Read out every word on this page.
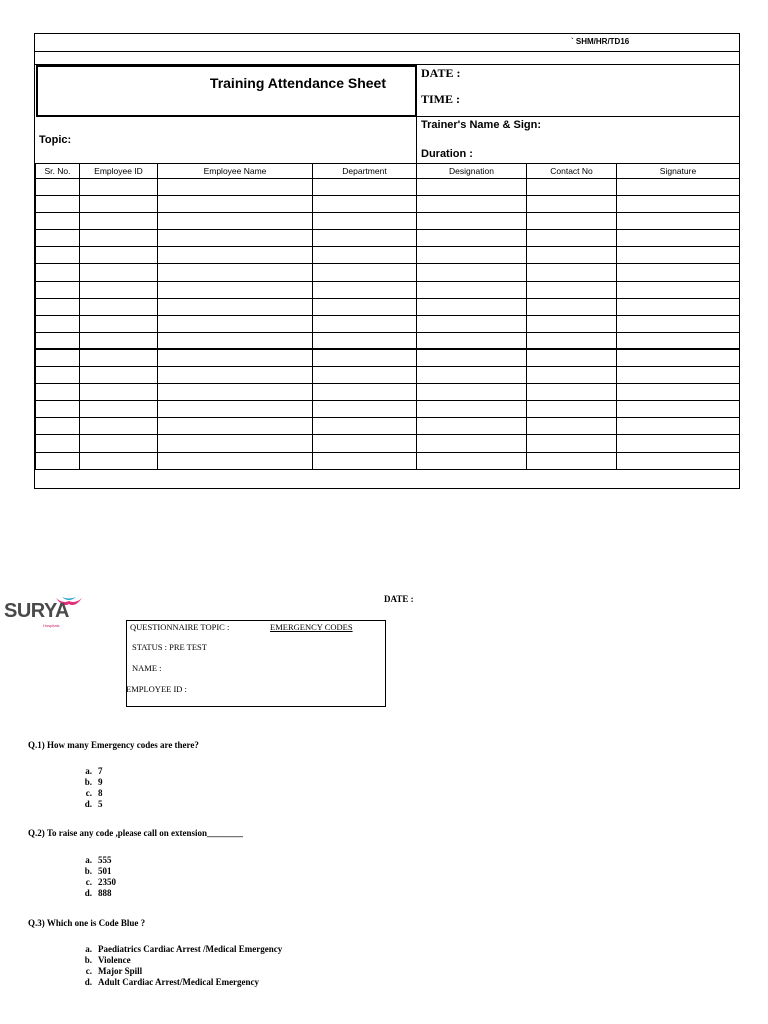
` SHM/HR/TD16
Training Attendance Sheet
DATE :
TIME :
Topic:
Trainer's Name & Sign:
Duration :
Sr. No.	Employee ID	Employee Name	Department	Designation	Contact No	Signature

SURYA
Hospitals
DATE :
QUESTIONNAIRE TOPIC :	EMERGENCY CODES
STATUS : PRE TEST
NAME :
EMPLOYEE ID :
Q.1) How many Emergency codes are there?
a. 7
b. 9
c. 8
d. 5
Q.2) To raise any code ,please call on extension________
a. 555
b. 501
c. 2350
d. 888
Q.3) Which one is Code Blue ?
a. Paediatrics Cardiac Arrest /Medical Emergency
b. Violence
c. Major Spill
d. Adult Cardiac Arrest/Medical Emergency
